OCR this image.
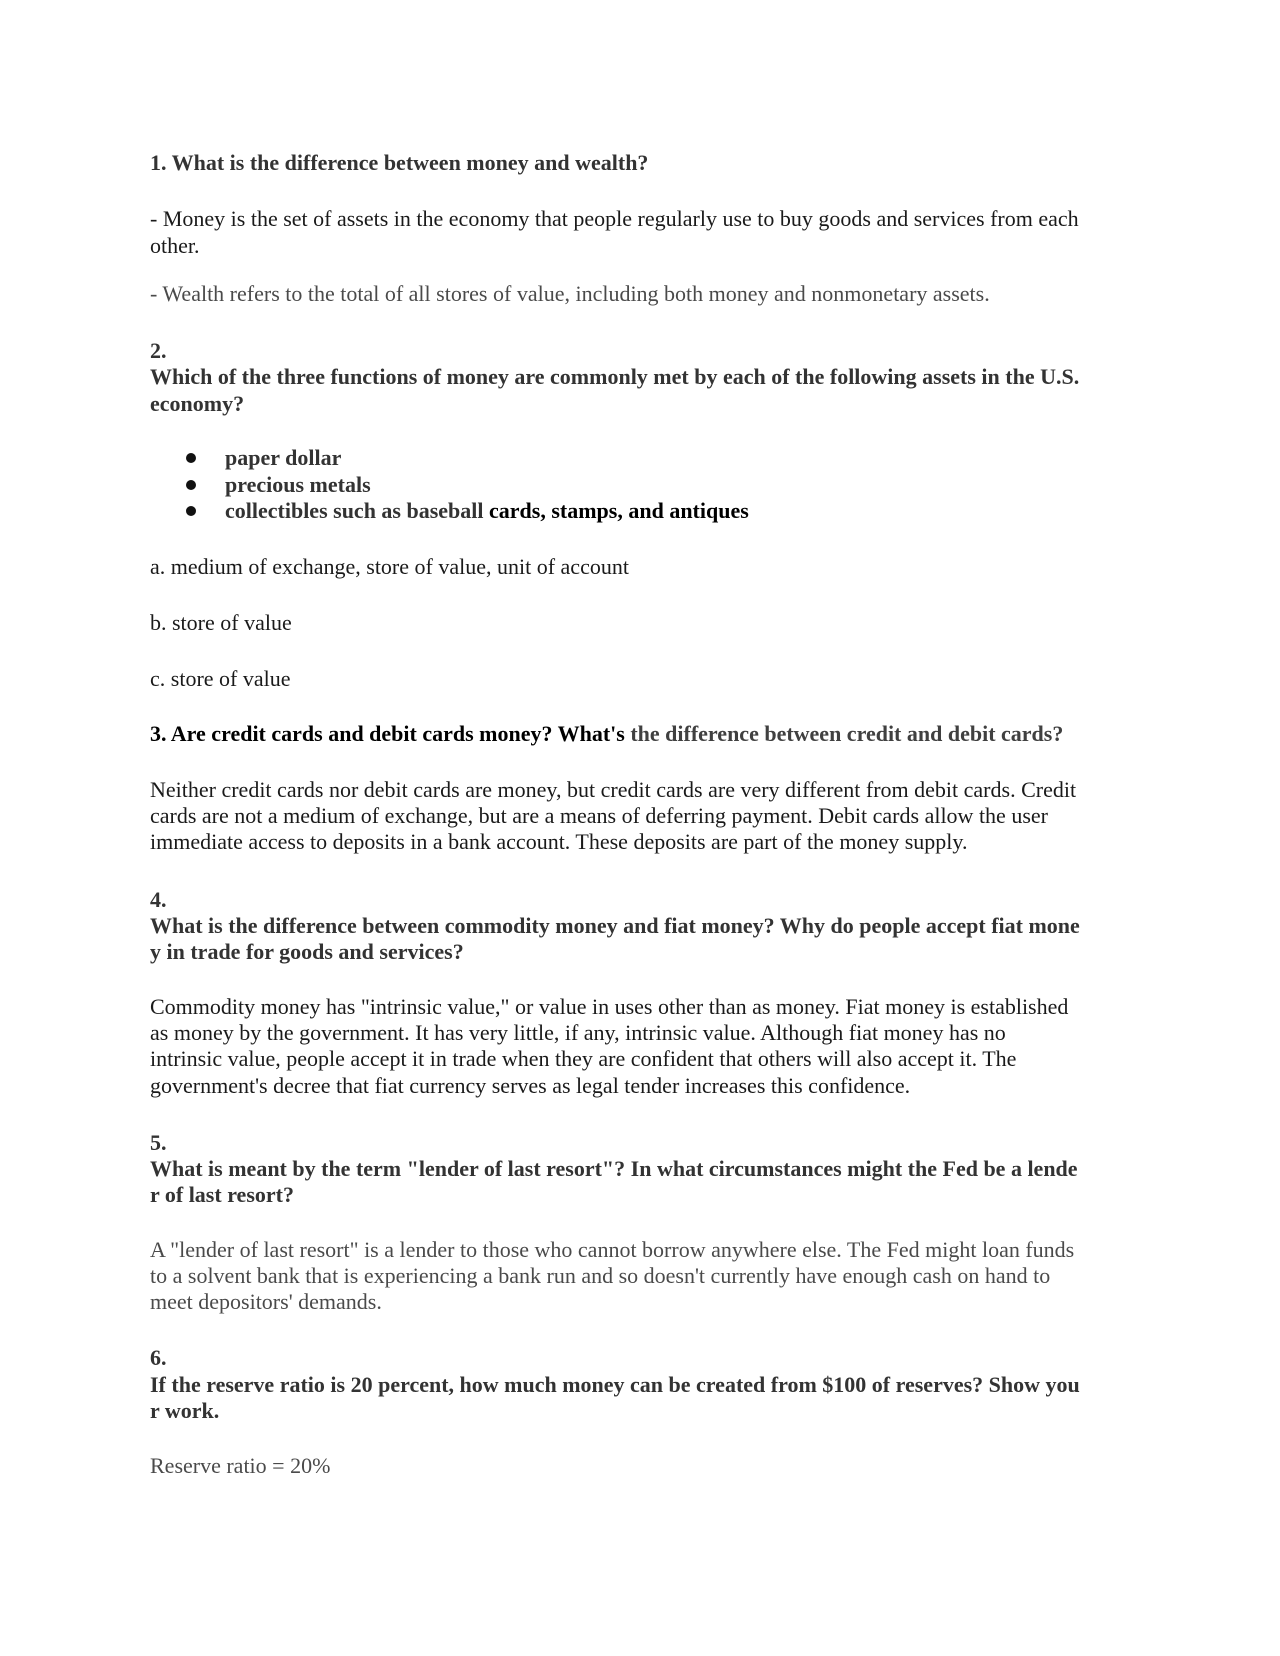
1. What is the difference between money and wealth?
- Money is the set of assets in the economy that people regularly use to buy goods and services from each
other.
- Wealth refers to the total of all stores of value, including both money and nonmonetary assets.
2.
Which of the three functions of money are commonly met by each of the following assets in the U.S.
economy?
paper dollar
precious metals
collectibles such as baseball cards, stamps, and antiques
a. medium of exchange, store of value, unit of account
b. store of value
c. store of value
3. Are credit cards and debit cards money? What's the difference between credit and debit cards?
Neither credit cards nor debit cards are money, but credit cards are very different from debit cards. Credit
cards are not a medium of exchange, but are a means of deferring payment. Debit cards allow the user
immediate access to deposits in a bank account. These deposits are part of the money supply.
4.
What is the difference between commodity money and fiat money? Why do people accept fiat mone
y in trade for goods and services?
Commodity money has "intrinsic value," or value in uses other than as money. Fiat money is established
as money by the government. It has very little, if any, intrinsic value. Although fiat money has no
intrinsic value, people accept it in trade when they are confident that others will also accept it. The
government's decree that fiat currency serves as legal tender increases this confidence.
5.
What is meant by the term "lender of last resort"? In what circumstances might the Fed be a lende
r of last resort?
A "lender of last resort" is a lender to those who cannot borrow anywhere else. The Fed might loan funds
to a solvent bank that is experiencing a bank run and so doesn't currently have enough cash on hand to
meet depositors' demands.
6.
If the reserve ratio is 20 percent, how much money can be created from $100 of reserves? Show you
r work.
Reserve ratio = 20%
